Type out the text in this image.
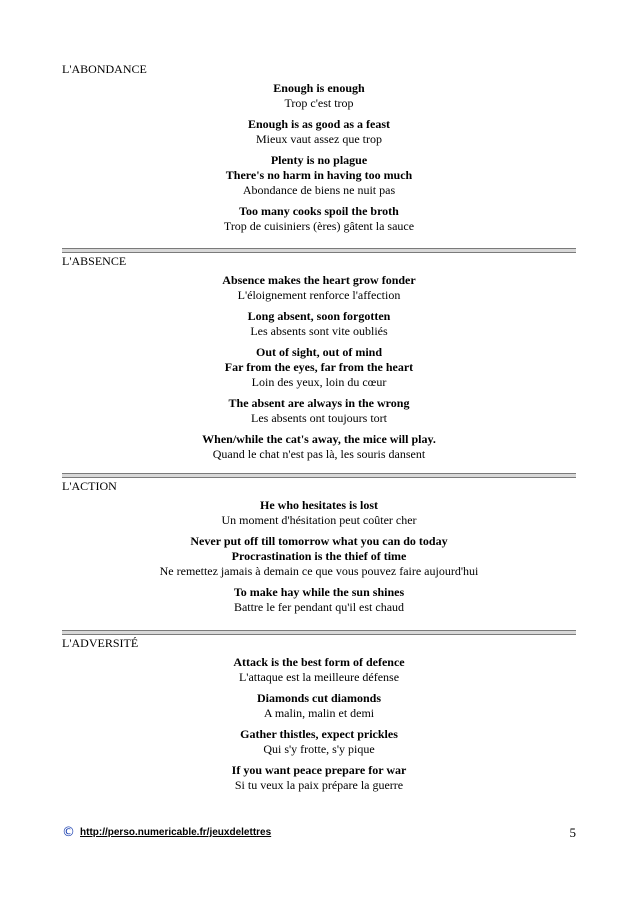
L'ABONDANCE
Enough is enough
Trop c'est trop
Enough is as good as a feast
Mieux vaut assez que trop
Plenty is no plague
There's no harm in having too much
Abondance de biens ne nuit pas
Too many cooks spoil the broth
Trop de cuisiniers (ères) gâtent la sauce
L'ABSENCE
Absence makes the heart grow fonder
L'éloignement renforce l'affection
Long absent, soon forgotten
Les absents sont vite oubliés
Out of sight, out of mind
Far from the eyes, far from the heart
Loin des yeux, loin du cœur
The absent are always in the wrong
Les absents ont toujours tort
When/while the cat's away, the mice will play.
Quand le chat n'est pas là, les souris dansent
L'ACTION
He who hesitates is lost
Un moment d'hésitation peut coûter cher
Never put off till tomorrow what you can do today
Procrastination is the thief of time
Ne remettez jamais à demain ce que vous pouvez faire aujourd'hui
To make hay while the sun shines
Battre le fer pendant qu'il est chaud
L'ADVERSITÉ
Attack is the best form of defence
L'attaque est la meilleure défense
Diamonds cut diamonds
A malin, malin et demi
Gather thistles, expect prickles
Qui s'y frotte, s'y pique
If you want peace prepare for war
Si tu veux la paix prépare la guerre
© http://perso.numericable.fr/jeuxdelettres	5
